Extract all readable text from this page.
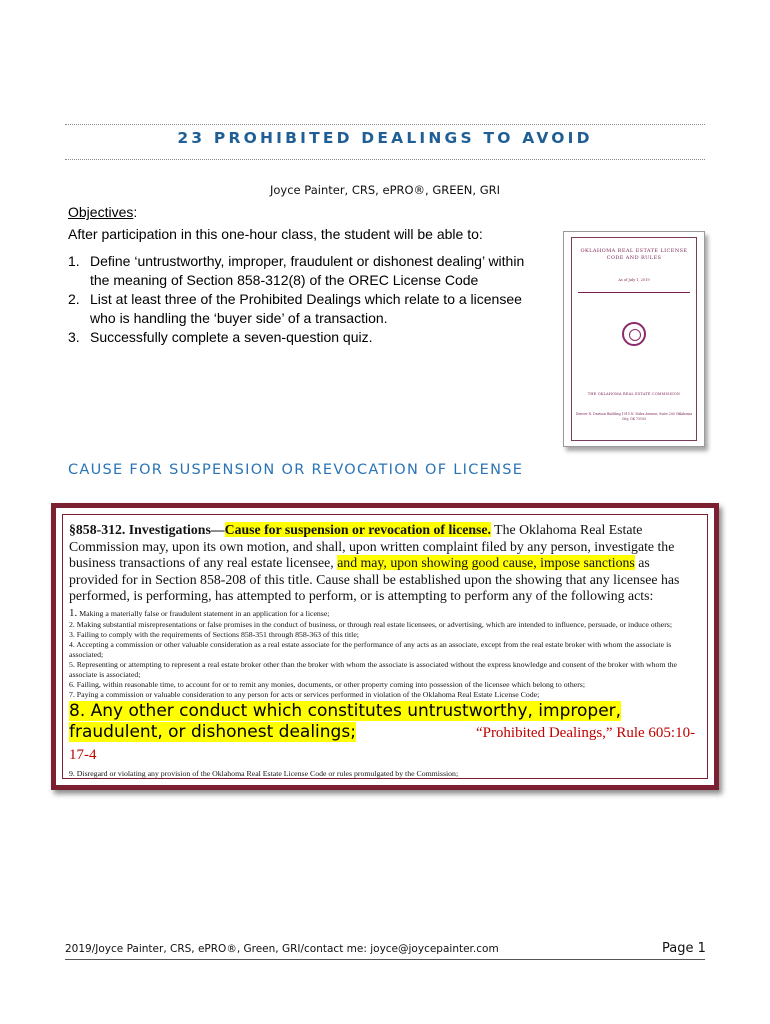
23 PROHIBITED DEALINGS TO AVOID
Joyce Painter, CRS, ePRO®, GREEN, GRI
Objectives:
After participation in this one-hour class, the student will be able to:
1. Define ‘untrustworthy, improper, fraudulent or dishonest dealing’ within the meaning of Section 858-312(8) of the OREC License Code
2. List at least three of the Prohibited Dealings which relate to a licensee who is handling the ‘buyer side’ of a transaction.
3. Successfully complete a seven-question quiz.
OKLAHOMA REAL ESTATE LICENSE CODE AND RULES
As of July 1, 2019
THE OKLAHOMA REAL ESTATE COMMISSION
Denver N. Davison Building 1915 N. Stiles Avenue, Suite 200 Oklahoma City, OK 73105
CAUSE FOR SUSPENSION OR REVOCATION OF LICENSE

§858-312. Investigations—Cause for suspension or revocation of license. The Oklahoma Real Estate Commission may, upon its own motion, and shall, upon written complaint filed by any person, investigate the business transactions of any real estate licensee, and may, upon showing good cause, impose sanctions as provided for in Section 858-208 of this title. Cause shall be established upon the showing that any licensee has performed, is performing, has attempted to perform, or is attempting to perform any of the following acts:

1. Making a materially false or fraudulent statement in an application for a license;

2. Making substantial misrepresentations or false promises in the conduct of business, or through real estate licensees, or advertising, which are intended to influence, persuade, or induce others;

3. Failing to comply with the requirements of Sections 858-351 through 858-363 of this title;

4. Accepting a commission or other valuable consideration as a real estate associate for the performance of any acts as an associate, except from the real estate broker with whom the associate is associated;

5. Representing or attempting to represent a real estate broker other than the broker with whom the associate is associated without the express knowledge and consent of the broker with whom the associate is associated;

6. Failing, within reasonable time, to account for or to remit any monies, documents, or other property coming into possession of the licensee which belong to others;

7. Paying a commission or valuable consideration to any person for acts or services performed in violation of the Oklahoma Real Estate License Code;

8. Any other conduct which constitutes untrustworthy, improper, fraudulent, or dishonest dealings;	“Prohibited Dealings,” Rule 605:10-17-4

9. Disregard or violating any provision of the Oklahoma Real Estate License Code or rules promulgated by the Commission;

2019/Joyce Painter, CRS, ePRO®, Green, GRI/contact me: joyce@joycepainter.com	Page 1
